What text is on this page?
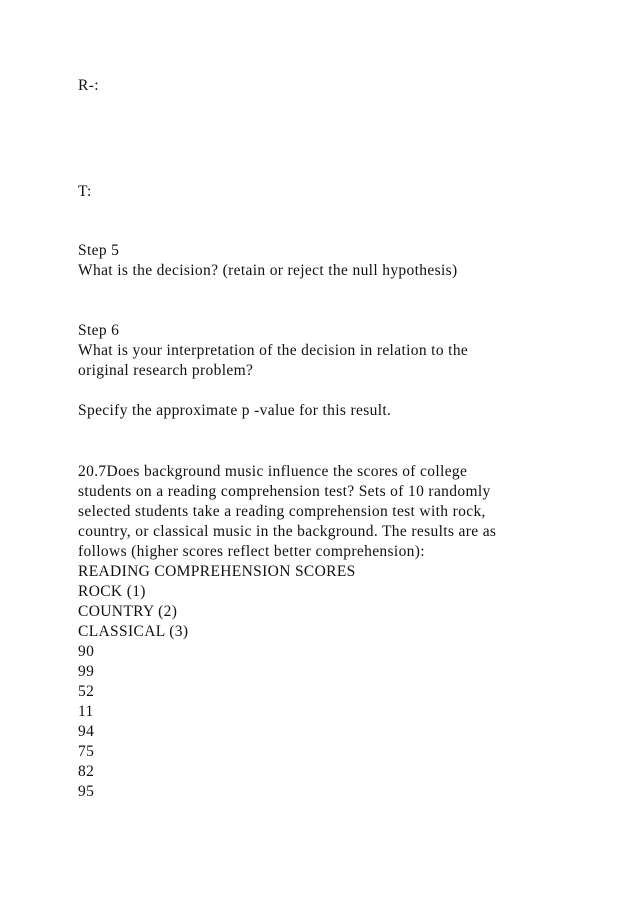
R-:
T:
Step 5
What is the decision? (retain or reject the null hypothesis)
Step 6
What is your interpretation of the decision in relation to the
original research problem?
Specify the approximate p -value for this result.
20.7Does background music influence the scores of college
students on a reading comprehension test? Sets of 10 randomly
selected students take a reading comprehension test with rock,
country, or classical music in the background. The results are as
follows (higher scores reflect better comprehension):
READING COMPREHENSION SCORES
ROCK (1)
COUNTRY (2)
CLASSICAL (3)
90
99
52
11
94
75
82
95
